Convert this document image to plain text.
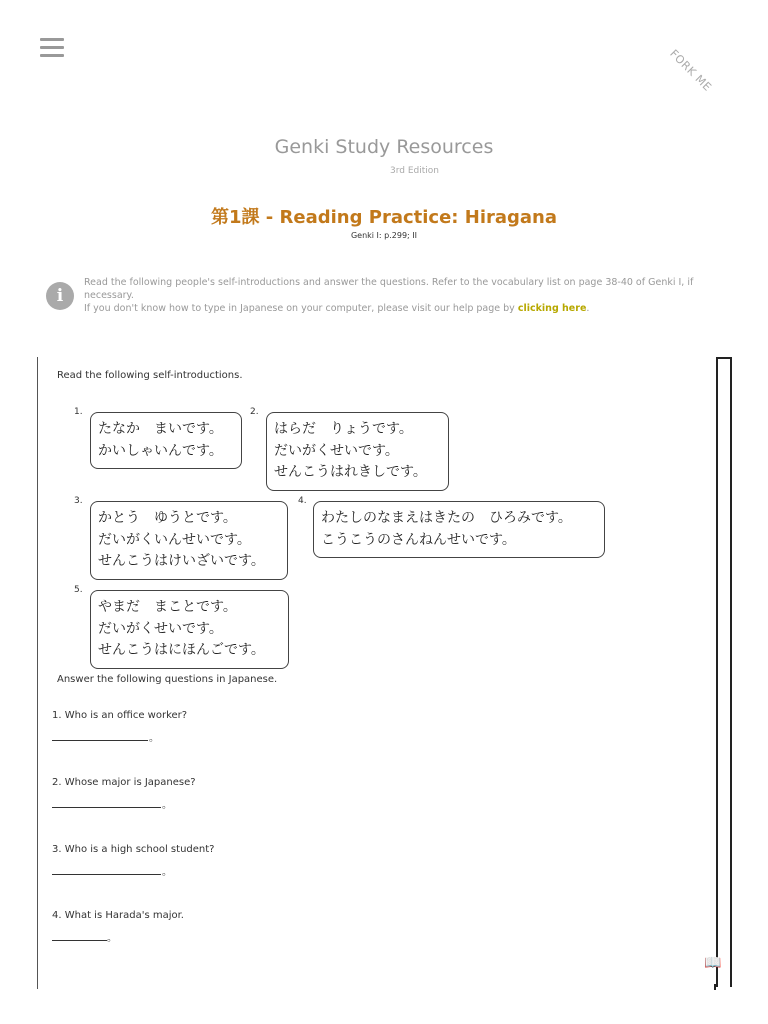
FORK ME
Genki Study Resources
3rd Edition
第1課 - Reading Practice: Hiragana
Genki I: p.299; II
i
Read the following people's self-introductions and answer the questions. Refer to the vocabulary list on page 38-40 of Genki I, if necessary.
If you don't know how to type in Japanese on your computer, please visit our help page by clicking here.
📖
Read the following self-introductions.
1.
たなか　まいです。
かいしゃいんです。
2.
はらだ　りょうです。
だいがくせいです。
せんこうはれきしです。
3.
かとう　ゆうとです。
だいがくいんせいです。
せんこうはけいざいです。
4.
わたしのなまえはきたの　ひろみです。
こうこうのさんねんせいです。
5.
やまだ　まことです。
だいがくせいです。
せんこうはにほんごです。
Answer the following questions in Japanese.
1. Who is an office worker?
。
2. Whose major is Japanese?
。
3. Who is a high school student?
。
4. What is Harada's major.
。
